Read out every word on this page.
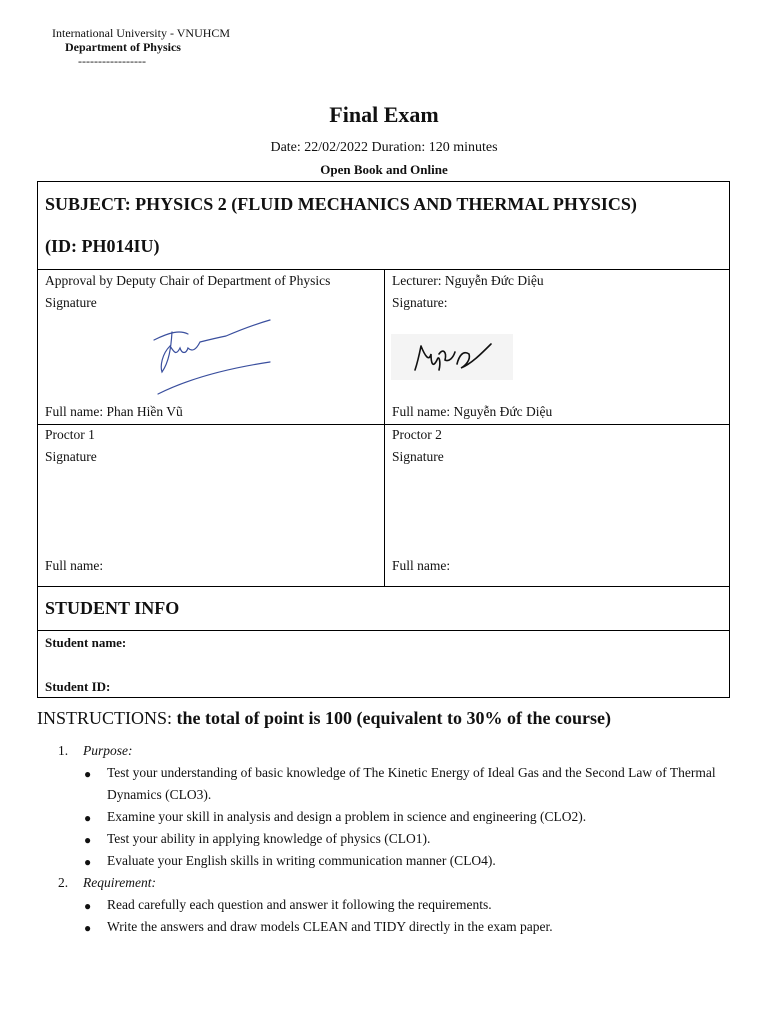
International University - VNUHCM
Department of Physics
-----------------
Final Exam
Date: 22/02/2022 Duration: 120 minutes
Open Book and Online
SUBJECT: PHYSICS 2 (FLUID MECHANICS AND THERMAL PHYSICS)
(ID: PH014IU)
Approval by Deputy Chair of Department of Physics
Signature
Full name: Phan Hiền Vũ
Lecturer: Nguyễn Đức Diệu
Signature:
Full name: Nguyễn Đức Diệu
Proctor 1
Signature
Full name:
Proctor 2
Signature
Full name:
STUDENT INFO
Student name:
Student ID:
INSTRUCTIONS: the total of point is 100 (equivalent to 30% of the course)
1. Purpose:
● Test your understanding of basic knowledge of The Kinetic Energy of Ideal Gas and the Second Law of Thermal Dynamics (CLO3).
● Examine your skill in analysis and design a problem in science and engineering (CLO2).
● Test your ability in applying knowledge of physics (CLO1).
● Evaluate your English skills in writing communication manner (CLO4).
2. Requirement:
● Read carefully each question and answer it following the requirements.
● Write the answers and draw models CLEAN and TIDY directly in the exam paper.
